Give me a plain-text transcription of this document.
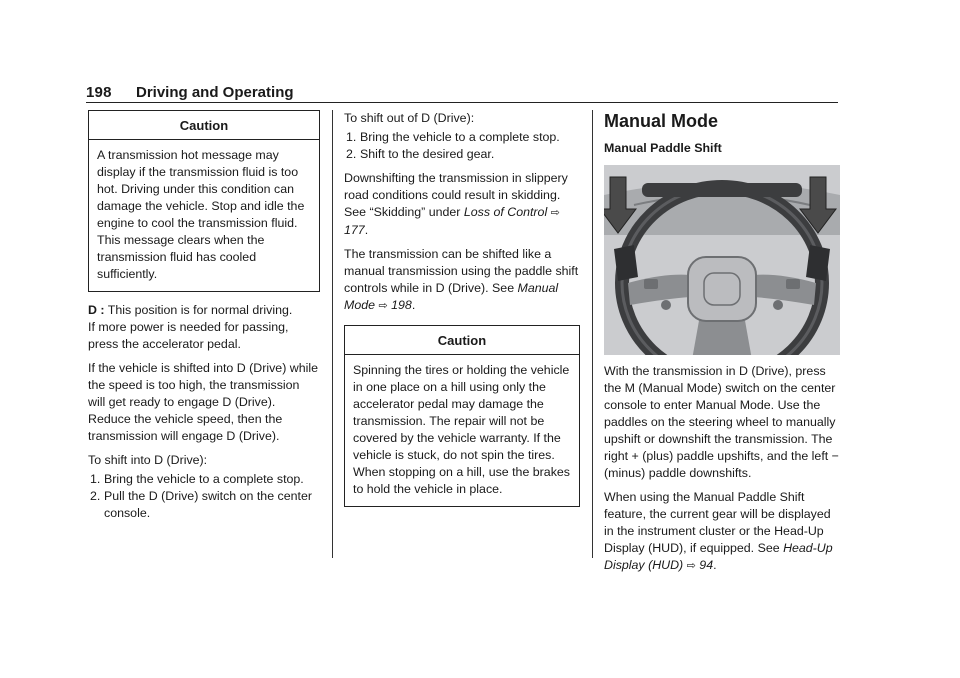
198 Driving and Operating
Caution
A transmission hot message may display if the transmission fluid is too hot. Driving under this condition can damage the vehicle. Stop and idle the engine to cool the transmission fluid. This message clears when the transmission fluid has cooled sufficiently.

D : This position is for normal driving.
If more power is needed for passing, press the accelerator pedal.

If the vehicle is shifted into D (Drive) while the speed is too high, the transmission will get ready to engage D (Drive). Reduce the vehicle speed, then the transmission will engage D (Drive).

To shift into D (Drive):

1. Bring the vehicle to a complete stop.
2. Pull the D (Drive) switch on the center console.

To shift out of D (Drive):

1. Bring the vehicle to a complete stop.
2. Shift to the desired gear.

Downshifting the transmission in slippery road conditions could result in skidding. See “Skidding” under Loss of Control ⇨ 177.

The transmission can be shifted like a manual transmission using the paddle shift controls while in D (Drive). See Manual Mode ⇨ 198.

Caution
Spinning the tires or holding the vehicle in one place on a hill using only the accelerator pedal may damage the transmission. The repair will not be covered by the vehicle warranty. If the vehicle is stuck, do not spin the tires. When stopping on a hill, use the brakes to hold the vehicle in place.
Manual Mode
Manual Paddle Shift

With the transmission in D (Drive), press the M (Manual Mode) switch on the center console to enter Manual Mode. Use the paddles on the steering wheel to manually upshift or downshift the transmission. The right + (plus) paddle upshifts, and the left − (minus) paddle downshifts.

When using the Manual Paddle Shift feature, the current gear will be displayed in the instrument cluster or the Head-Up Display (HUD), if equipped. See Head-Up Display (HUD) ⇨ 94.
